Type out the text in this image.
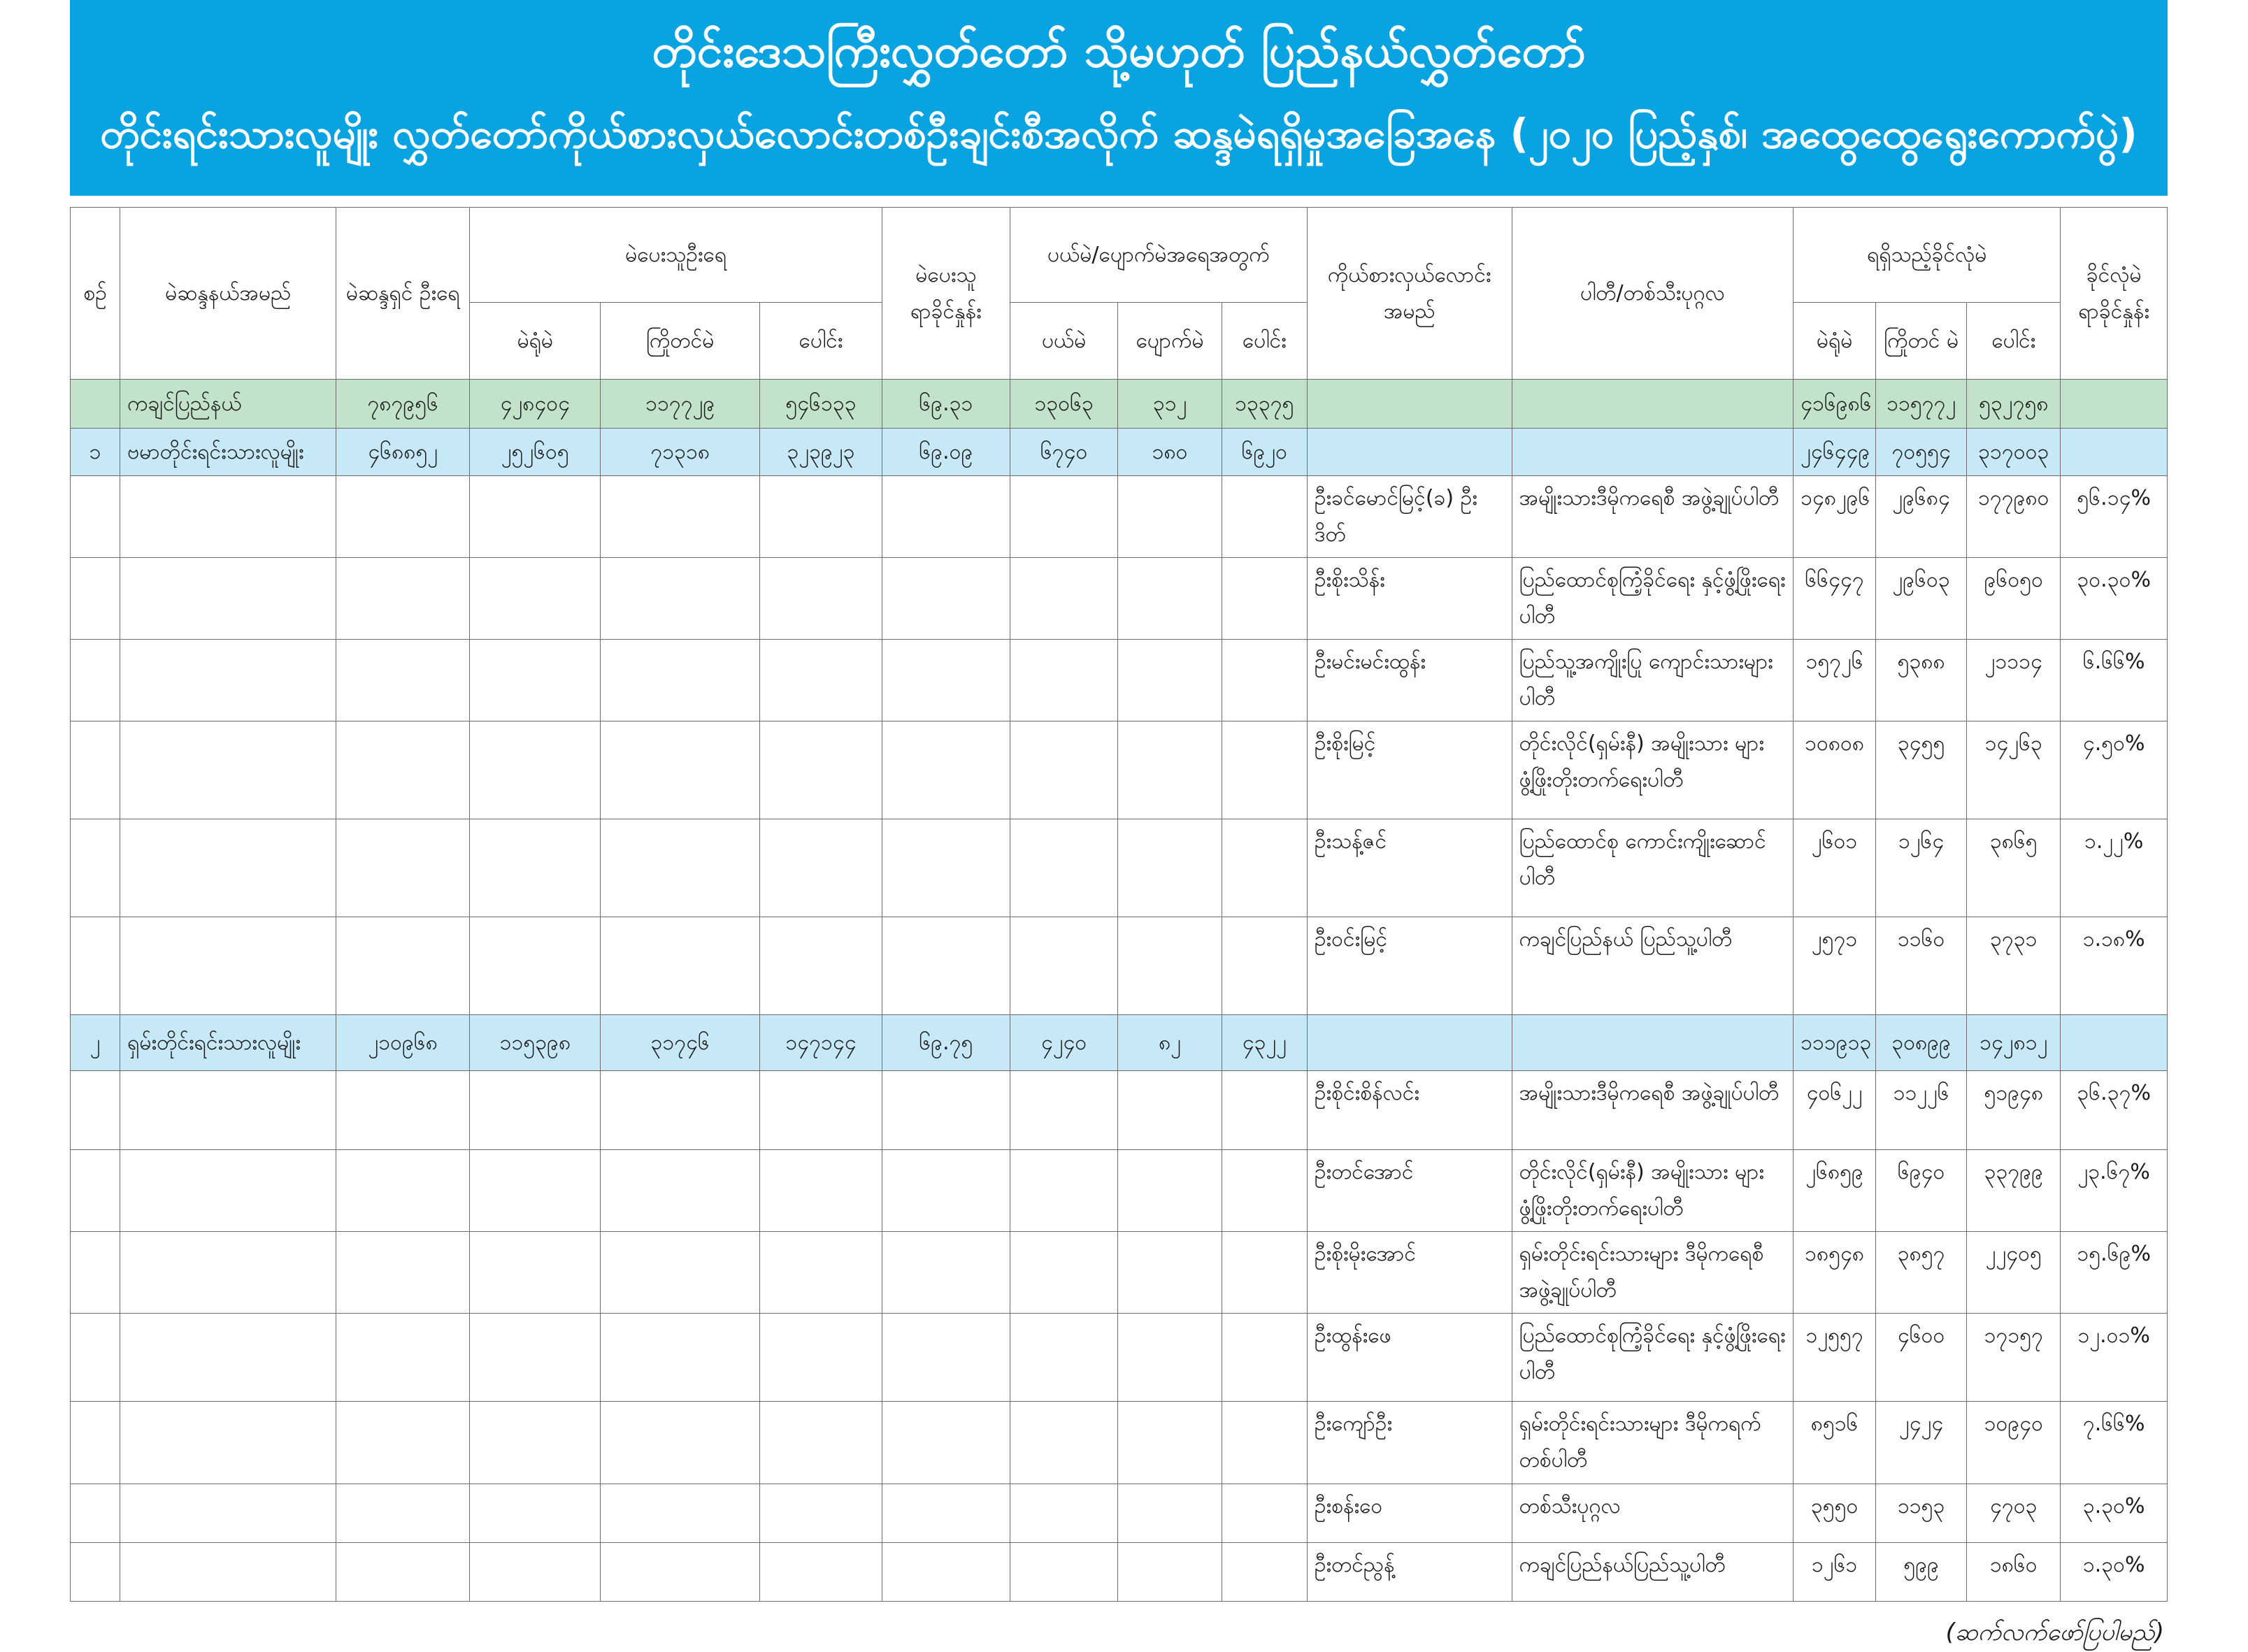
တိုင်းဒေသကြီးလွှတ်တော် သို့မဟုတ် ပြည်နယ်လွှတ်တော်
တိုင်းရင်းသားလူမျိုး လွှတ်တော်ကိုယ်စားလှယ်လောင်းတစ်ဦးချင်းစီအလိုက် ဆန္ဒမဲရရှိမှုအခြေအနေ (၂၀၂၀ ပြည့်နှစ်၊ အထွေထွေရွေးကောက်ပွဲ)
စဉ်	မဲဆန္ဒနယ်အမည်	မဲဆန္ဒရှင် ဦးရေ	မဲပေးသူဦးရေ			မဲပေးသူ ရာခိုင်နှုန်း	ပယ်မဲ/ပျောက်မဲအရေအတွက်			ကိုယ်စားလှယ်လောင်း အမည်	ပါတီ/တစ်သီးပုဂ္ဂလ	ရရှိသည့်ခိုင်လုံမဲ			ခိုင်လုံမဲ ရာခိုင်နှုန်း
			မဲရုံမဲ	ကြိုတင်မဲ	ပေါင်း		ပယ်မဲ	ပျောက်မဲ	ပေါင်း			မဲရုံမဲ	ကြိုတင် မဲ	ပေါင်း	
	ကချင်ပြည်နယ်	၇၈၇၉၅၆	၄၂၈၄၀၄	၁၁၇၇၂၉	၅၄၆၁၃၃	၆၉.၃၁	၁၃၀၆၃	၃၁၂	၁၃၃၇၅			၄၁၆၉၈၆	၁၁၅၇၇၂	၅၃၂၇၅၈	
၁	ဗမာတိုင်းရင်းသားလူမျိုး	၄၆၈၈၅၂	၂၅၂၆၀၅	၇၁၃၁၈	၃၂၃၉၂၃	၆၉.၀၉	၆၇၄၀	၁၈၀	၆၉၂၀			၂၄၆၄၄၉	၇၀၅၅၄	၃၁၇၀၀၃	
										ဦးခင်မောင်မြင့်(ခ) ဦးဒိတ်	အမျိုးသားဒီမိုကရေစီ အဖွဲ့ချုပ်ပါတီ	၁၄၈၂၉၆	၂၉၆၈၄	၁၇၇၉၈၀	၅၆.၁၄%
										ဦးစိုးသိန်း	ပြည်ထောင်စုကြံ့ခိုင်ရေး နှင့်ဖွံ့ဖြိုးရေးပါတီ	၆၆၄၄၇	၂၉၆၀၃	၉၆၀၅၀	၃၀.၃၀%
										ဦးမင်းမင်းထွန်း	ပြည်သူ့အကျိုးပြု ကျောင်းသားများပါတီ	၁၅၇၂၆	၅၃၈၈	၂၁၁၁၄	၆.၆၆%
										ဦးစိုးမြင့်	တိုင်းလိုင်(ရှမ်းနီ) အမျိုးသား များ ဖွံ့ဖြိုးတိုးတက်ရေးပါတီ	၁၀၈၀၈	၃၄၅၅	၁၄၂၆၃	၄.၅၀%
										ဦးသန့်ဇင်	ပြည်ထောင်စု ကောင်းကျိုးဆောင်ပါတီ	၂၆၀၁	၁၂၆၄	၃၈၆၅	၁.၂၂%
										ဦးဝင်းမြင့်	ကချင်ပြည်နယ် ပြည်သူ့ပါတီ	၂၅၇၁	၁၁၆၀	၃၇၃၁	၁.၁၈%
၂	ရှမ်းတိုင်းရင်းသားလူမျိုး	၂၁၀၉၆၈	၁၁၅၃၉၈	၃၁၇၄၆	၁၄၇၁၄၄	၆၉.၇၅	၄၂၄၀	၈၂	၄၃၂၂			၁၁၁၉၁၃	၃၀၈၉၉	၁၄၂၈၁၂	
										ဦးစိုင်းစိန်လင်း	အမျိုးသားဒီမိုကရေစီ အဖွဲ့ချုပ်ပါတီ	၄၀၆၂၂	၁၁၂၂၆	၅၁၉၄၈	၃၆.၃၇%
										ဦးတင်အောင်	တိုင်းလိုင်(ရှမ်းနီ) အမျိုးသား များ ဖွံ့ဖြိုးတိုးတက်ရေးပါတီ	၂၆၈၅၉	၆၉၄၀	၃၃၇၉၉	၂၃.၆၇%
										ဦးစိုးမိုးအောင်	ရှမ်းတိုင်းရင်းသားများ ဒီမိုကရေစီအဖွဲ့ချုပ်ပါတီ	၁၈၅၄၈	၃၈၅၇	၂၂၄၀၅	၁၅.၆၉%
										ဦးထွန်းဖေ	ပြည်ထောင်စုကြံ့ခိုင်ရေး နှင့်ဖွံ့ဖြိုးရေးပါတီ	၁၂၅၅၇	၄၆၀၀	၁၇၁၅၇	၁၂.၀၁%
										ဦးကျော်ဦး	ရှမ်းတိုင်းရင်းသားများ ဒီမိုကရက်တစ်ပါတီ	၈၅၁၆	၂၄၂၄	၁၀၉၄၀	၇.၆၆%
										ဦးစန်းဝေ	တစ်သီးပုဂ္ဂလ	၃၅၅၀	၁၁၅၃	၄၇၀၃	၃.၃၀%
										ဦးတင်ညွန့်	ကချင်ပြည်နယ်ပြည်သူ့ပါတီ	၁၂၆၁	၅၉၉	၁၈၆၀	၁.၃၀%
(ဆက်လက်ဖော်ပြပါမည်)
